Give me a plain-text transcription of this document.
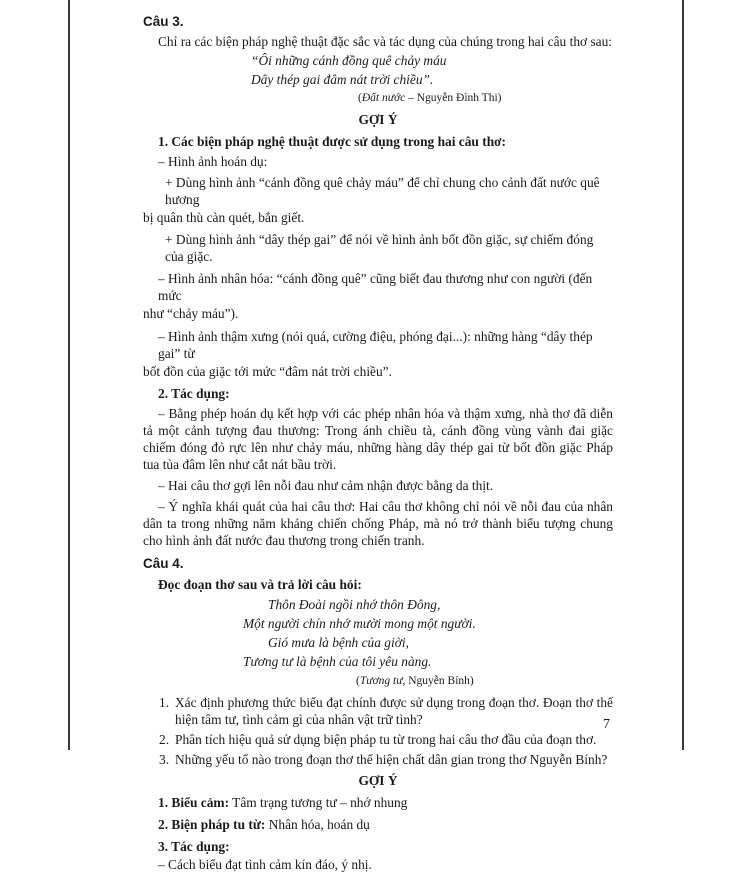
Câu 3.

Chỉ ra các biện pháp nghệ thuật đặc sắc và tác dụng của chúng trong hai câu thơ sau:

“Ôi những cánh đồng quê chảy máu

Dây thép gai đâm nát trời chiều”.

(Đất nước – Nguyễn Đình Thi)

GỢI Ý

1. Các biện pháp nghệ thuật được sử dụng trong hai câu thơ:

– Hình ảnh hoán dụ:

+ Dùng hình ảnh “cánh đồng quê chảy máu” để chỉ chung cho cảnh đất nước quê hương

bị quân thù càn quét, bắn giết.

+ Dùng hình ảnh “dây thép gai” để nói về hình ảnh bốt đồn giặc, sự chiếm đóng của giặc.

– Hình ảnh nhân hóa: “cánh đồng quê” cũng biết đau thương như con người (đến mức

như “chảy máu”).

– Hình ảnh thậm xưng (nói quá, cường điệu, phóng đại...): những hàng “dây thép gai” từ

bốt đồn của giặc tới mức “đâm nát trời chiều”.

2. Tác dụng:

– Bằng phép hoán dụ kết hợp với các phép nhân hóa và thậm xưng, nhà thơ đã diễn tả một cảnh tượng đau thương: Trong ánh chiều tà, cánh đồng vùng vành đai giặc chiếm đóng đỏ rực lên như chảy máu, những hàng dây thép gai từ bốt đồn giặc Pháp tua tủa đâm lên như cắt nát bầu trời.

– Hai câu thơ gợi lên nỗi đau như cảm nhận được bằng da thịt.

– Ý nghĩa khái quát của hai câu thơ: Hai câu thơ không chỉ nói về nỗi đau của nhân dân ta trong những năm kháng chiến chống Pháp, mà nó trở thành biểu tượng chung cho hình ảnh đất nước đau thương trong chiến tranh.

Câu 4.

Đọc đoạn thơ sau và trả lời câu hỏi:

Thôn Đoài ngồi nhớ thôn Đông,

Một người chín nhớ mười mong một người.

Gió mưa là bệnh của giời,

Tương tư là bệnh của tôi yêu nàng.

(Tương tư, Nguyễn Bính)

1. Xác định phương thức biểu đạt chính được sử dụng trong đoạn thơ. Đoạn thơ thể hiện tâm tư, tình cảm gì của nhân vật trữ tình?
2. Phân tích hiệu quả sử dụng biện pháp tu từ trong hai câu thơ đầu của đoạn thơ.
3. Những yếu tố nào trong đoạn thơ thể hiện chất dân gian trong thơ Nguyễn Bính?

GỢI Ý

1. Biểu cảm: Tâm trạng tương tư – nhớ nhung

2. Biện pháp tu từ: Nhân hóa, hoán dụ

3. Tác dụng:

– Cách biểu đạt tình cảm kín đáo, ý nhị.

7
